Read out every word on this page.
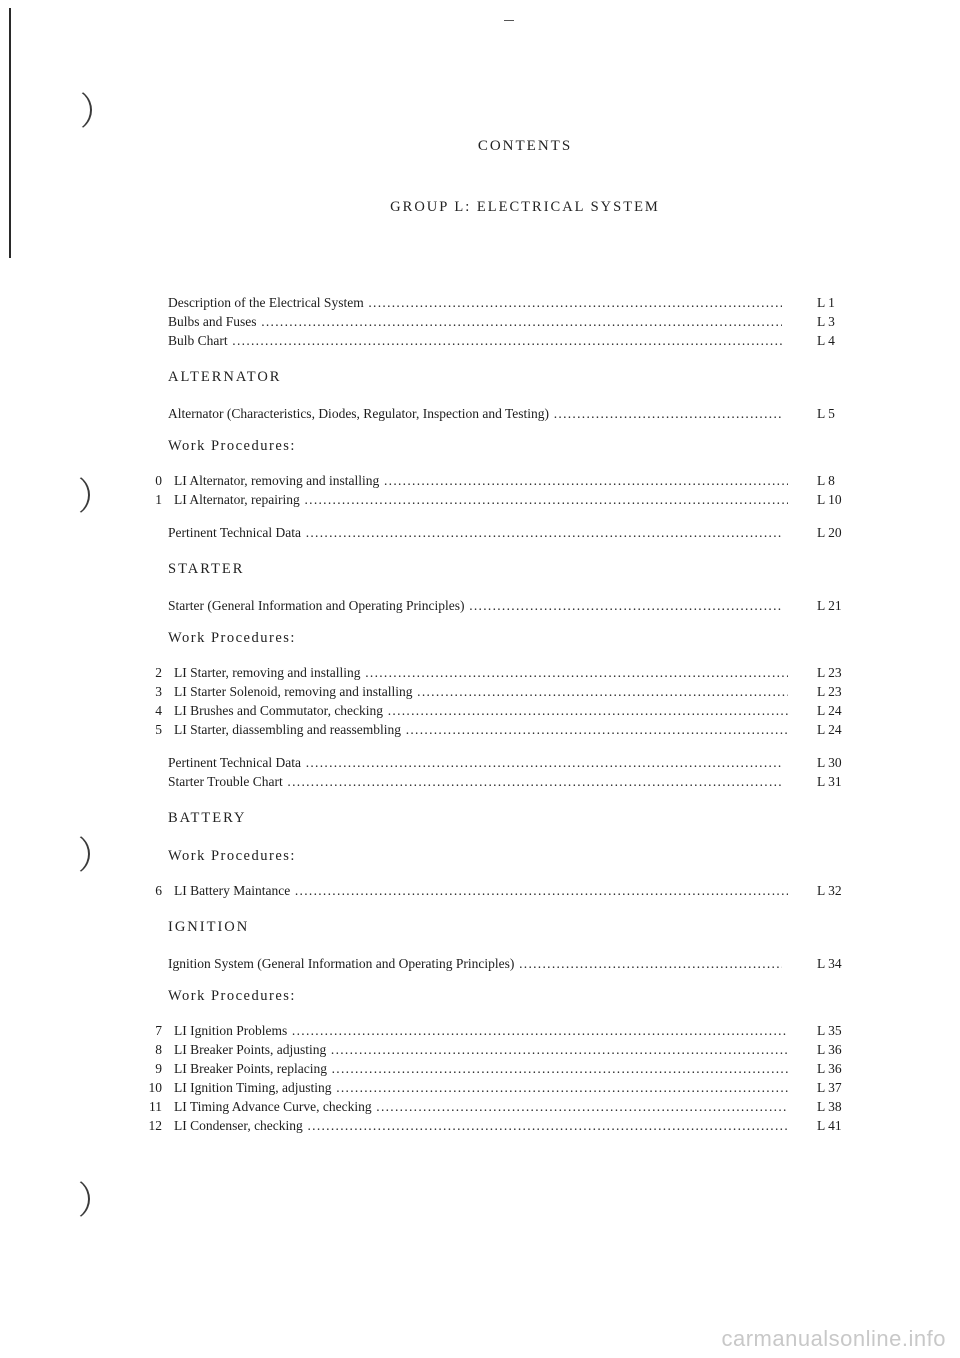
CONTENTS
GROUP L: ELECTRICAL SYSTEM
Description of the Electrical System .....	L 1
Bulbs and Fuses .....	L 3
Bulb Chart .....	L 4
ALTERNATOR
Alternator (Characteristics, Diodes, Regulator, Inspection and Testing) .....	L 5
Work Procedures:
0 LI Alternator, removing and installing .....	L 8
1 LI Alternator, repairing .....	L 10
Pertinent Technical Data .....	L 20
STARTER
Starter (General Information and Operating Principles) .....	L 21
Work Procedures:
2 LI Starter, removing and installing .....	L 23
3 LI Starter Solenoid, removing and installing .....	L 23
4 LI Brushes and Commutator, checking .....	L 24
5 LI Starter, diassembling and reassembling .....	L 24
Pertinent Technical Data .....	L 30
Starter Trouble Chart .....	L 31
BATTERY
Work Procedures:
6 LI Battery Maintance .....	L 32
IGNITION
Ignition System (General Information and Operating Principles) .....	L 34
Work Procedures:
7 LI Ignition Problems .....	L 35
8 LI Breaker Points, adjusting .....	L 36
9 LI Breaker Points, replacing .....	L 36
10 LI Ignition Timing, adjusting .....	L 37
11 LI Timing Advance Curve, checking .....	L 38
12 LI Condenser, checking .....	L 41
carmanualsonline.info
